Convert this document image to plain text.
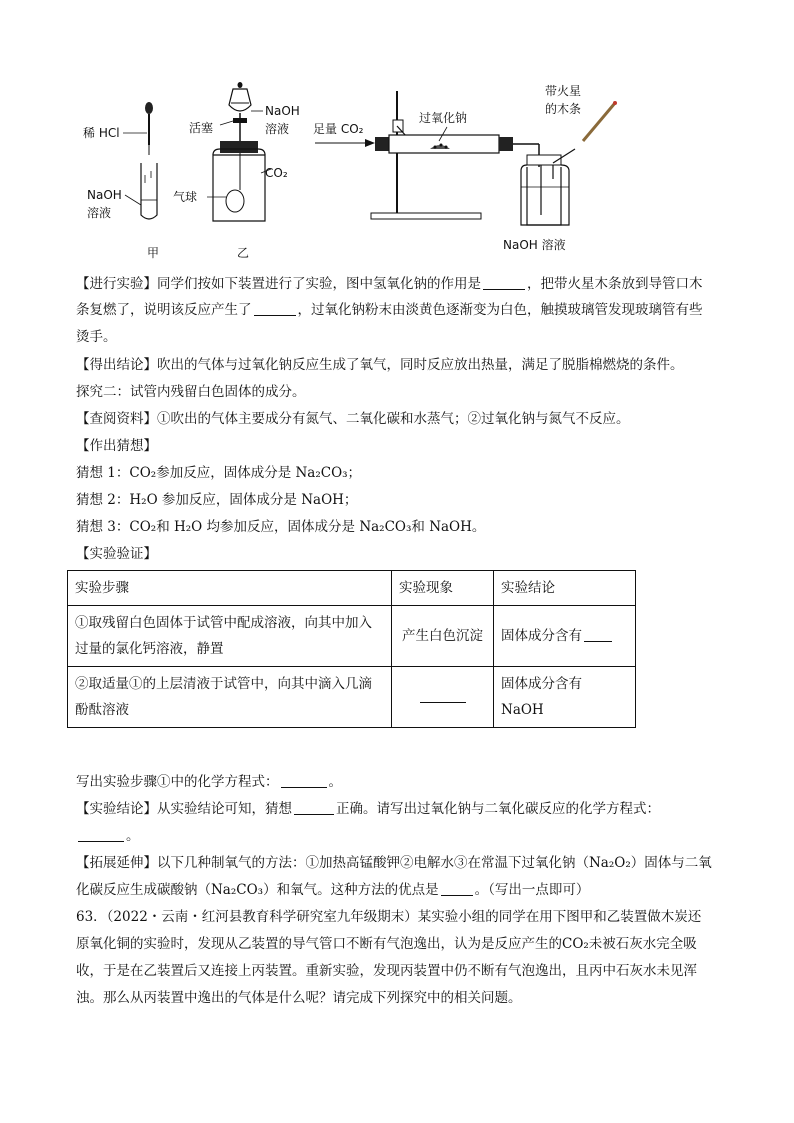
稀 HCl
NaOH
溶液
甲
NaOH
溶液
活塞
CO₂
气球
乙
足量 CO₂
过氧化钠
带火星
的木条
NaOH 溶液
【进行实验】同学们按如下装置进行了实验，图中氢氧化钠的作用是	，把带火星木条放到导管口木
条复燃了，说明该反应产生了	，过氧化钠粉末由淡黄色逐渐变为白色，触摸玻璃管发现玻璃管有些
烫手。
【得出结论】吹出的气体与过氧化钠反应生成了氧气，同时反应放出热量，满足了脱脂棉燃烧的条件。
探究二：试管内残留白色固体的成分。
【查阅资料】①吹出的气体主要成分有氮气、二氧化碳和水蒸气；②过氧化钠与氮气不反应。
【作出猜想】
猜想 1：CO₂参加反应，固体成分是 Na₂CO₃；
猜想 2：H₂O 参加反应，固体成分是 NaOH；
猜想 3：CO₂和 H₂O 均参加反应，固体成分是 Na₂CO₃和 NaOH。
【实验验证】
实验步骤	实验现象	实验结论

①取残留白色固体于试管中配成溶液，向其中加入
过量的氯化钙溶液，静置	产生白色沉淀	固体成分含有

②取适量①的上层清液于试管中，向其中滴入几滴
酚酞溶液		固体成分含有 NaOH
写出实验步骤①中的化学方程式：	。
【实验结论】从实验结论可知，猜想	正确。请写出过氧化钠与二氧化碳反应的化学方程式：
。
【拓展延伸】以下几种制氧气的方法：①加热高锰酸钾②电解水③在常温下过氧化钠（Na₂O₂）固体与二氧
化碳反应生成碳酸钠（Na₂CO₃）和氧气。这种方法的优点是	。（写出一点即可）
63．（2022・云南・红河县教育科学研究室九年级期末）某实验小组的同学在用下图甲和乙装置做木炭还
原氧化铜的实验时，发现从乙装置的导气管口不断有气泡逸出，认为是反应产生的CO₂未被石灰水完全吸
收，于是在乙装置后又连接上丙装置。重新实验，发现丙装置中仍不断有气泡逸出，且丙中石灰水未见浑
浊。那么从丙装置中逸出的气体是什么呢？请完成下列探究中的相关问题。
